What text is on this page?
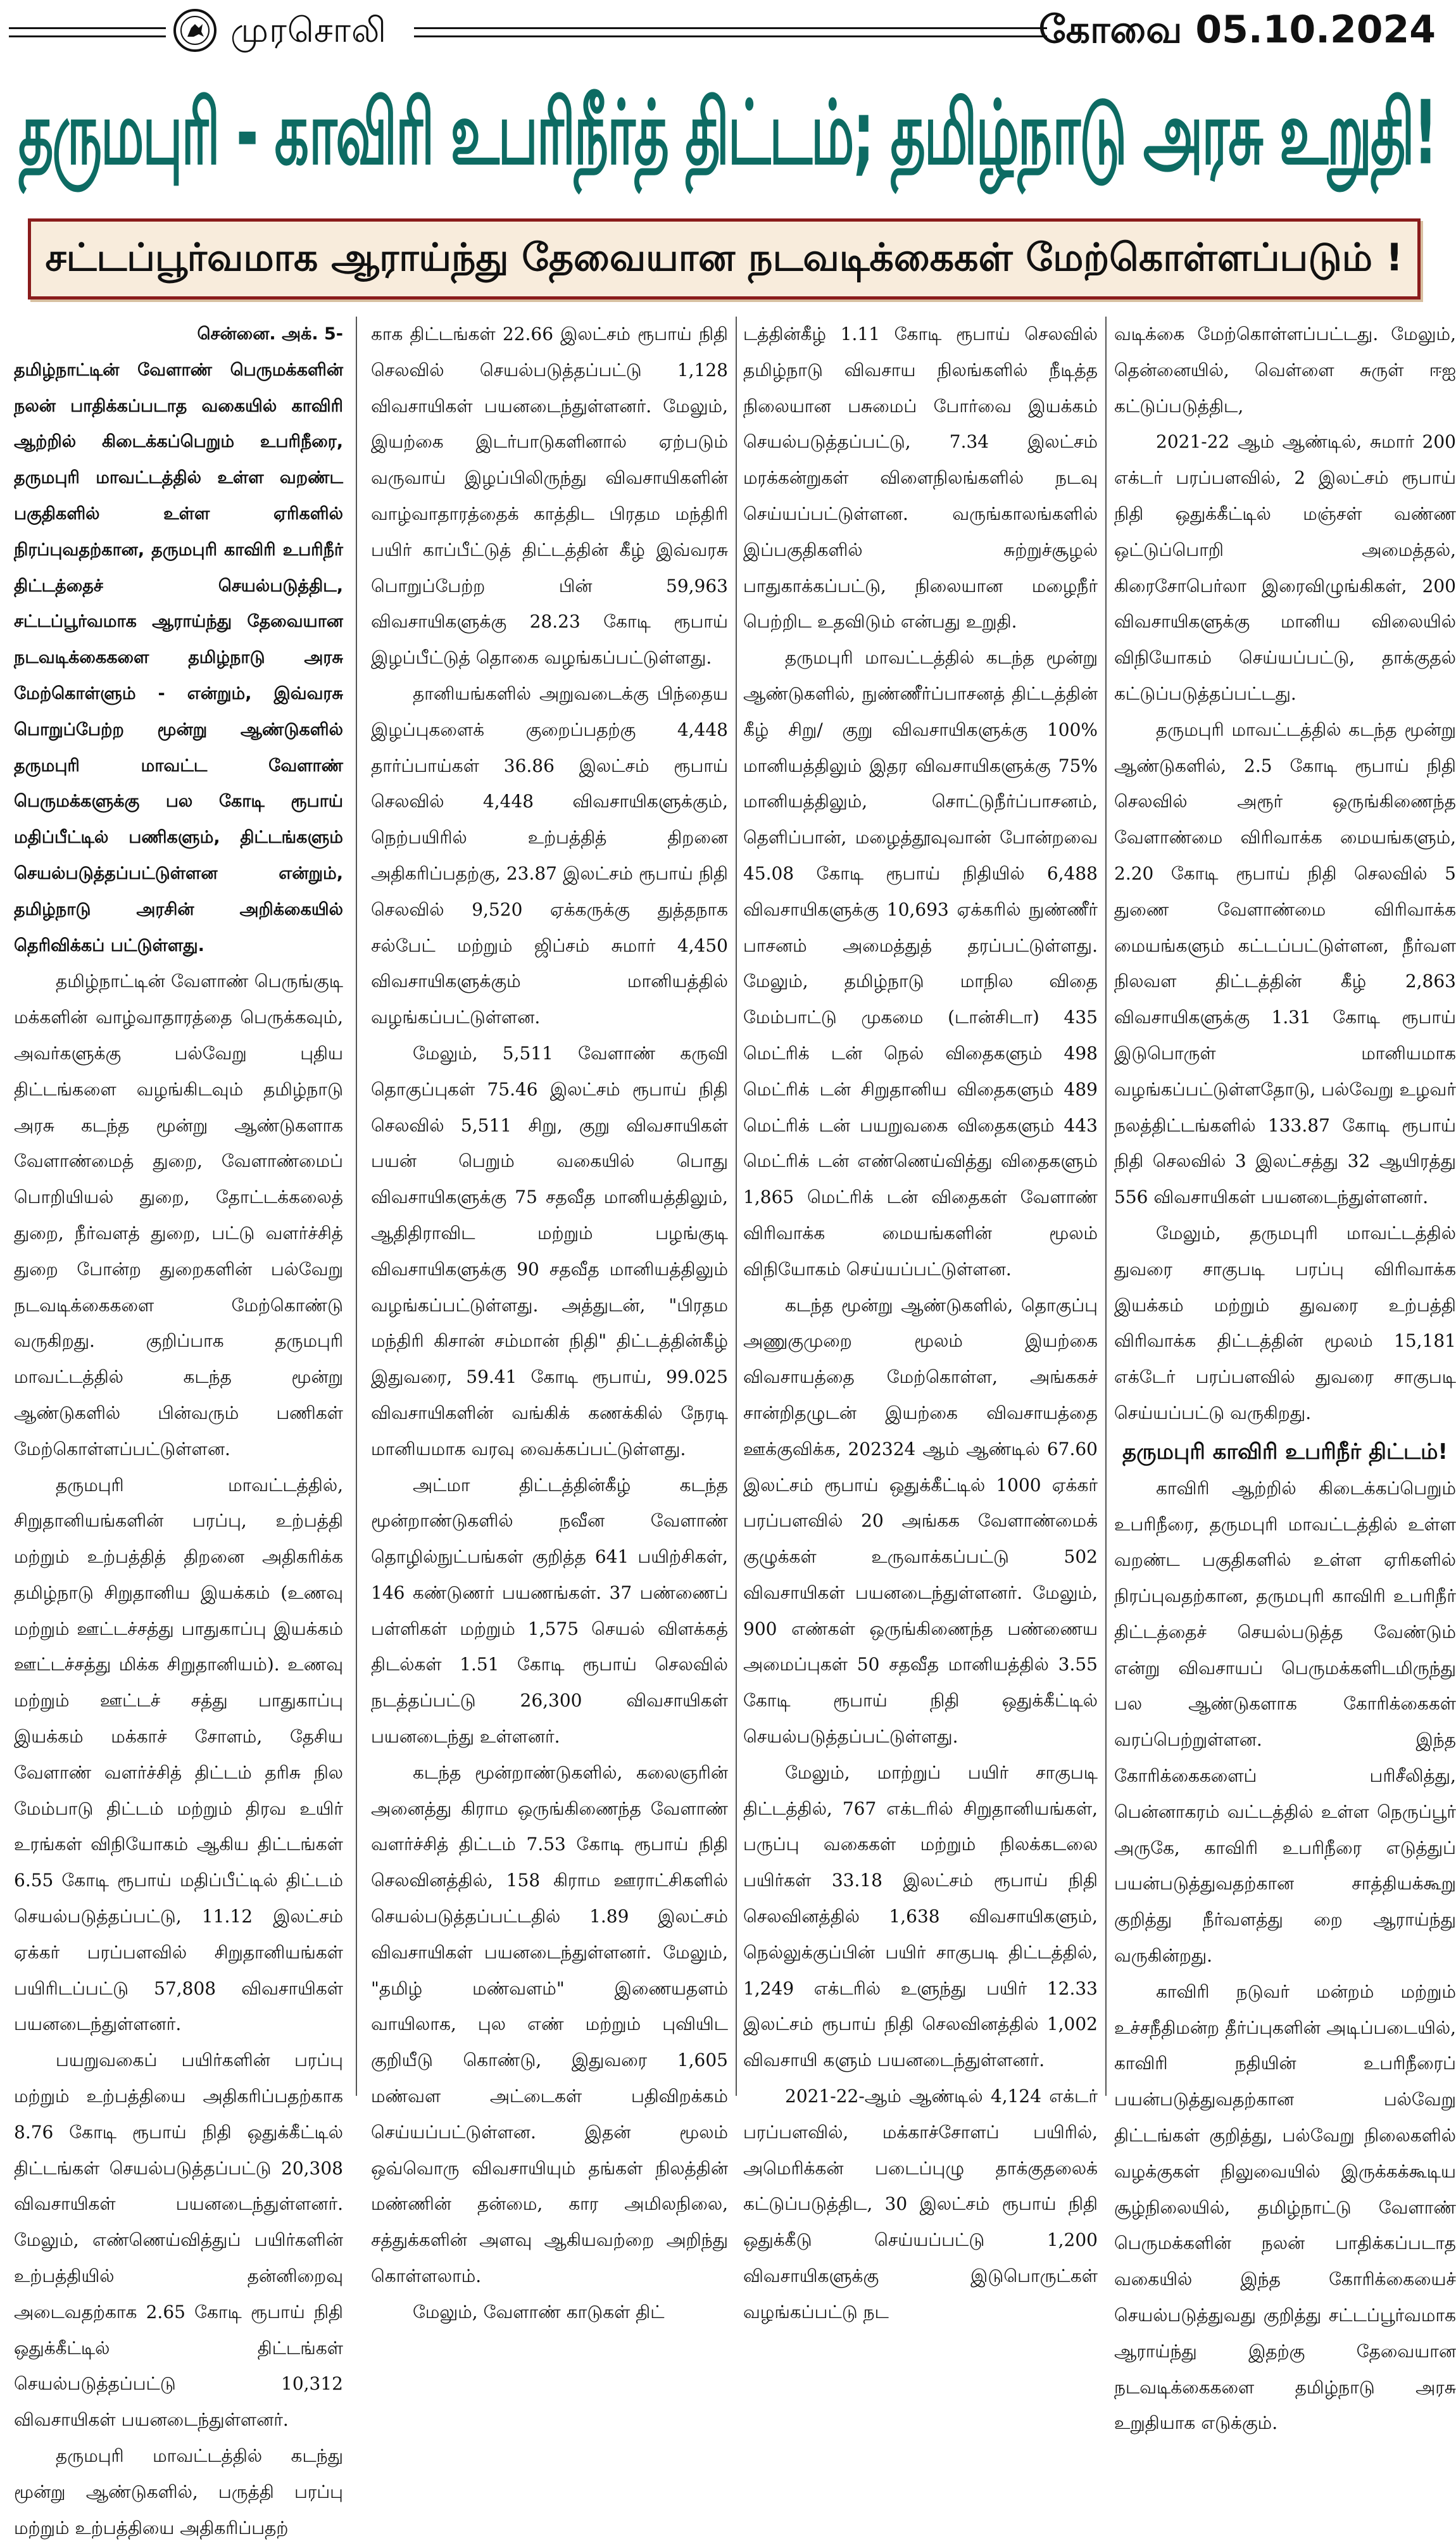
முரசொலி	கோவை 05.10.2024
தருமபுரி - காவிரி உபரிநீர்த் திட்டம்; தமிழ்நாடு அரசு உறுதி!
சட்டப்பூர்வமாக ஆராய்ந்து தேவையான நடவடிக்கைகள் மேற்கொள்ளப்படும் !
சென்னை. அக். 5-
தமிழ்நாட்டின் வேளாண் பெருமக்களின் நலன் பாதிக்கப்படாத வகையில் காவிரி ஆற்றில் கிடைக்கப்பெறும் உபரிநீரை, தருமபுரி மாவட்டத்தில் உள்ள வறண்ட பகுதிகளில் உள்ள ஏரிகளில் நிரப்புவதற்கான, தருமபுரி காவிரி உபரிநீர் திட்டத்தைச் செயல்படுத்திட, சட்டப்பூர்வமாக ஆராய்ந்து தேவையான நடவடிக்கைகளை தமிழ்நாடு அரசு மேற்கொள்ளும் - என்றும், இவ்வரசு பொறுப்பேற்ற மூன்று ஆண்டுகளில் தருமபுரி மாவட்ட வேளாண் பெருமக்களுக்கு பல கோடி ரூபாய் மதிப்பீட்டில் பணிகளும், திட்டங்களும் செயல்படுத்தப்பட்டுள்ளன என்றும், தமிழ்நாடு அரசின் அறிக்கையில் தெரிவிக்கப் பட்டுள்ளது.

தமிழ்நாட்டின் வேளாண் பெருங்குடி மக்களின் வாழ்வாதாரத்தை பெருக்கவும், அவர்களுக்கு பல்வேறு புதிய திட்டங்களை வழங்கிடவும் தமிழ்நாடு அரசு கடந்த மூன்று ஆண்டுகளாக வேளாண்மைத் துறை, வேளாண்மைப் பொறியியல் துறை, தோட்டக்கலைத் துறை, நீர்வளத் துறை, பட்டு வளர்ச்சித் துறை போன்ற துறைகளின் பல்வேறு நடவடிக்கைகளை மேற்கொண்டு வருகிறது. குறிப்பாக தருமபுரி மாவட்டத்தில் கடந்த மூன்று ஆண்டுகளில் பின்வரும் பணிகள் மேற்கொள்ளப்பட்டுள்ளன.

தருமபுரி மாவட்டத்தில், சிறுதானியங்களின் பரப்பு, உற்பத்தி மற்றும் உற்பத்தித் திறனை அதிகரிக்க தமிழ்நாடு சிறுதானிய இயக்கம் (உணவு மற்றும் ஊட்டச்சத்து பாதுகாப்பு இயக்கம் ஊட்டச்சத்து மிக்க சிறுதானியம்). உணவு மற்றும் ஊட்டச் சத்து பாதுகாப்பு இயக்கம் மக்காச் சோளம், தேசிய வேளாண் வளர்ச்சித் திட்டம் தரிசு நில மேம்பாடு திட்டம் மற்றும் திரவ உயிர் உரங்கள் விநியோகம் ஆகிய திட்டங்கள் 6.55 கோடி ரூபாய் மதிப்பீட்டில் திட்டம் செயல்படுத்தப்பட்டு, 11.12 இலட்சம் ஏக்கர் பரப்பளவில் சிறுதானியங்கள் பயிரிடப்பட்டு 57,808 விவசாயிகள் பயனடைந்துள்ளனர்.

பயறுவகைப் பயிர்களின் பரப்பு மற்றும் உற்பத்தியை அதிகரிப்பதற்காக 8.76 கோடி ரூபாய் நிதி ஒதுக்கீட்டில் திட்டங்கள் செயல்படுத்தப்பட்டு 20,308 விவசாயிகள் பயனடைந்துள்ளனர். மேலும், எண்ணெய்வித்துப் பயிர்களின் உற்பத்தியில் தன்னிறைவு அடைவதற்காக 2.65 கோடி ரூபாய் நிதி ஒதுக்கீட்டில் திட்டங்கள் செயல்படுத்தப்பட்டு 10,312 விவசாயிகள் பயனடைந்துள்ளனர்.

தருமபுரி மாவட்டத்தில் கடந்து மூன்று ஆண்டுகளில், பருத்தி பரப்பு மற்றும் உற்பத்தியை அதிகரிப்பதற்

காக திட்டங்கள் 22.66 இலட்சம் ரூபாய் நிதி செலவில் செயல்படுத்தப்பட்டு 1,128 விவசாயிகள் பயனடைந்துள்ளனர். மேலும், இயற்கை இடர்பாடுகளினால் ஏற்படும் வருவாய் இழப்பிலிருந்து விவசாயிகளின் வாழ்வாதாரத்தைக் காத்திட பிரதம மந்திரி பயிர் காப்பீட்டுத் திட்டத்தின் கீழ் இவ்வரசு பொறுப்பேற்ற பின் 59,963 விவசாயிகளுக்கு 28.23 கோடி ரூபாய் இழப்பீட்டுத் தொகை வழங்கப்பட்டுள்ளது.

தானியங்களில் அறுவடைக்கு பிந்தைய இழப்புகளைக் குறைப்பதற்கு 4,448 தார்ப்பாய்கள் 36.86 இலட்சம் ரூபாய் செலவில் 4,448 விவசாயிகளுக்கும், நெற்பயிரில் உற்பத்தித் திறனை அதிகரிப்பதற்கு, 23.87 இலட்சம் ரூபாய் நிதி செலவில் 9,520 ஏக்கருக்கு துத்தநாக சல்பேட் மற்றும் ஜிப்சம் சுமார் 4,450 விவசாயிகளுக்கும் மானியத்தில் வழங்கப்பட்டுள்ளன.

மேலும், 5,511 வேளாண் கருவி தொகுப்புகள் 75.46 இலட்சம் ரூபாய் நிதி செலவில் 5,511 சிறு, குறு விவசாயிகள் பயன் பெறும் வகையில் பொது விவசாயிகளுக்கு 75 சதவீத மானியத்திலும், ஆதிதிராவிட மற்றும் பழங்குடி விவசாயிகளுக்கு 90 சதவீத மானியத்திலும் வழங்கப்பட்டுள்ளது. அத்துடன், "பிரதம மந்திரி கிசான் சம்மான் நிதி" திட்டத்தின்கீழ் இதுவரை, 59.41 கோடி ரூபாய், 99.025 விவசாயிகளின் வங்கிக் கணக்கில் நேரடி மானியமாக வரவு வைக்கப்பட்டுள்ளது.

அட்மா திட்டத்தின்கீழ் கடந்த மூன்றாண்டுகளில் நவீன வேளாண் தொழில்நுட்பங்கள் குறித்த 641 பயிற்சிகள், 146 கண்டுணர் பயணங்கள். 37 பண்ணைப் பள்ளிகள் மற்றும் 1,575 செயல் விளக்கத் திடல்கள் 1.51 கோடி ரூபாய் செலவில் நடத்தப்பட்டு 26,300 விவசாயிகள் பயனடைந்து உள்ளனர்.

கடந்த மூன்றாண்டுகளில், கலைஞரின் அனைத்து கிராம ஒருங்கிணைந்த வேளாண் வளர்ச்சித் திட்டம் 7.53 கோடி ரூபாய் நிதி செலவினத்தில், 158 கிராம ஊராட்சிகளில் செயல்படுத்தப்பட்டதில் 1.89 இலட்சம் விவசாயிகள் பயனடைந்துள்ளனர். மேலும், "தமிழ் மண்வளம்" இணையதளம் வாயிலாக, புல எண் மற்றும் புவியிட குறியீடு கொண்டு, இதுவரை 1,605 மண்வள அட்டைகள் பதிவிறக்கம் செய்யப்பட்டுள்ளன. இதன் மூலம் ஒவ்வொரு விவசாயியும் தங்கள் நிலத்தின் மண்ணின் தன்மை, கார அமிலநிலை, சத்துக்களின் அளவு ஆகியவற்றை அறிந்து கொள்ளலாம்.

மேலும், வேளாண் காடுகள் திட்

டத்தின்கீழ் 1.11 கோடி ரூபாய் செலவில் தமிழ்நாடு விவசாய நிலங்களில் நீடித்த நிலையான பசுமைப் போர்வை இயக்கம் செயல்படுத்தப்பட்டு, 7.34 இலட்சம் மரக்கன்றுகள் விளைநிலங்களில் நடவு செய்யப்பட்டுள்ளன. வருங்காலங்களில் இப்பகுதிகளில் சுற்றுச்சூழல் பாதுகாக்கப்பட்டு, நிலையான மழைநீர் பெற்றிட உதவிடும் என்பது உறுதி.

தருமபுரி மாவட்டத்தில் கடந்த மூன்று ஆண்டுகளில், நுண்ணீர்ப்பாசனத் திட்டத்தின் கீழ் சிறு/ குறு விவசாயிகளுக்கு 100% மானியத்திலும் இதர விவசாயிகளுக்கு 75% மானியத்திலும், சொட்டுநீர்ப்பாசனம், தெளிப்பான், மழைத்தூவுவான் போன்றவை 45.08 கோடி ரூபாய் நிதியில் 6,488 விவசாயிகளுக்கு 10,693 ஏக்கரில் நுண்ணீர் பாசனம் அமைத்துத் தரப்பட்டுள்ளது. மேலும், தமிழ்நாடு மாநில விதை மேம்பாட்டு முகமை (டான்சிடா) 435 மெட்ரிக் டன் நெல் விதைகளும் 498 மெட்ரிக் டன் சிறுதானிய விதைகளும் 489 மெட்ரிக் டன் பயறுவகை விதைகளும் 443 மெட்ரிக் டன் எண்ணெய்வித்து விதைகளும் 1,865 மெட்ரிக் டன் விதைகள் வேளாண் விரிவாக்க மையங்களின் மூலம் விநியோகம் செய்யப்பட்டுள்ளன.

கடந்த மூன்று ஆண்டுகளில், தொகுப்பு அணுகுமுறை மூலம் இயற்கை விவசாயத்தை மேற்கொள்ள, அங்ககச் சான்றிதழுடன் இயற்கை விவசாயத்தை ஊக்குவிக்க, 202324 ஆம் ஆண்டில் 67.60 இலட்சம் ரூபாய் ஒதுக்கீட்டில் 1000 ஏக்கர் பரப்பளவில் 20 அங்கக வேளாண்மைக் குழுக்கள் உருவாக்கப்பட்டு 502 விவசாயிகள் பயனடைந்துள்ளனர். மேலும், 900 எண்கள் ஒருங்கிணைந்த பண்ணைய அமைப்புகள் 50 சதவீத மானியத்தில் 3.55 கோடி ரூபாய் நிதி ஒதுக்கீட்டில் செயல்படுத்தப்பட்டுள்ளது.

மேலும், மாற்றுப் பயிர் சாகுபடி திட்டத்தில், 767 எக்டரில் சிறுதானியங்கள், பருப்பு வகைகள் மற்றும் நிலக்கடலை பயிர்கள் 33.18 இலட்சம் ரூபாய் நிதி செலவினத்தில் 1,638 விவசாயிகளும், நெல்லுக்குப்பின் பயிர் சாகுபடி திட்டத்தில், 1,249 எக்டரில் உளுந்து பயிர் 12.33 இலட்சம் ரூபாய் நிதி செலவினத்தில் 1,002 விவசாயி களும் பயனடைந்துள்ளனர்.

2021-22-ஆம் ஆண்டில் 4,124 எக்டர் பரப்பளவில், மக்காச்சோளப் பயிரில், அமெரிக்கன் படைப்புழு தாக்குதலைக் கட்டுப்படுத்திட, 30 இலட்சம் ரூபாய் நிதி ஒதுக்கீடு செய்யப்பட்டு 1,200 விவசாயிகளுக்கு இடுபொருட்கள் வழங்கப்பட்டு நட

வடிக்கை மேற்கொள்ளப்பட்டது. மேலும், தென்னையில், வெள்ளை சுருள் ஈஐ கட்டுப்படுத்திட,

2021-22 ஆம் ஆண்டில், சுமார் 200 எக்டர் பரப்பளவில், 2 இலட்சம் ரூபாய் நிதி ஒதுக்கீட்டில் மஞ்சள் வண்ண ஒட்டுப்பொறி அமைத்தல், கிரைசோபெர்லா இரைவிழுங்கிகள், 200 விவசாயிகளுக்கு மானிய விலையில் விநியோகம் செய்யப்பட்டு, தாக்குதல் கட்டுப்படுத்தப்பட்டது.

தருமபுரி மாவட்டத்தில் கடந்த மூன்று ஆண்டுகளில், 2.5 கோடி ரூபாய் நிதி செலவில் அரூர் ஒருங்கிணைந்த வேளாண்மை விரிவாக்க மையங்களும், 2.20 கோடி ரூபாய் நிதி செலவில் 5 துணை வேளாண்மை விரிவாக்க மையங்களும் கட்டப்பட்டுள்ளன, நீர்வள நிலவள திட்டத்தின் கீழ் 2,863 விவசாயிகளுக்கு 1.31 கோடி ரூபாய் இடுபொருள் மானியமாக வழங்கப்பட்டுள்ளதோடு, பல்வேறு உழவர் நலத்திட்டங்களில் 133.87 கோடி ரூபாய் நிதி செலவில் 3 இலட்சத்து 32 ஆயிரத்து 556 விவசாயிகள் பயனடைந்துள்ளனர்.

மேலும், தருமபுரி மாவட்டத்தில் துவரை சாகுபடி பரப்பு விரிவாக்க இயக்கம் மற்றும் துவரை உற்பத்தி விரிவாக்க திட்டத்தின் மூலம் 15,181 எக்டேர் பரப்பளவில் துவரை சாகுபடி செய்யப்பட்டு வருகிறது.

தருமபுரி காவிரி உபரிநீர் திட்டம்!

காவிரி ஆற்றில் கிடைக்கப்பெறும் உபரிநீரை, தருமபுரி மாவட்டத்தில் உள்ள வறண்ட பகுதிகளில் உள்ள ஏரிகளில் நிரப்புவதற்கான, தருமபுரி காவிரி உபரிநீர் திட்டத்தைச் செயல்படுத்த வேண்டும் என்று விவசாயப் பெருமக்களிடமிருந்து பல ஆண்டுகளாக கோரிக்கைகள் வரப்பெற்றுள்ளன. இந்த கோரிக்கைகளைப் பரிசீலித்து, பென்னாகரம் வட்டத்தில் உள்ள நெருப்பூர் அருகே, காவிரி உபரிநீரை எடுத்துப் பயன்படுத்துவதற்கான சாத்தியக்கூறு குறித்து நீர்வளத்து றை ஆராய்ந்து வருகின்றது.

காவிரி நடுவர் மன்றம் மற்றும் உச்சநீதிமன்ற தீர்ப்புகளின் அடிப்படையில், காவிரி நதியின் உபரிநீரைப் பயன்படுத்துவதற்கான பல்வேறு திட்டங்கள் குறித்து, பல்வேறு நிலைகளில் வழக்குகள் நிலுவையில் இருக்கக்கூடிய சூழ்நிலையில், தமிழ்நாட்டு வேளாண் பெருமக்களின் நலன் பாதிக்கப்படாத வகையில் இந்த கோரிக்கையைச் செயல்படுத்துவது குறித்து சட்டப்பூர்வமாக ஆராய்ந்து இதற்கு தேவையான நடவடிக்கைகளை தமிழ்நாடு அரசு உறுதியாக எடுக்கும்.
